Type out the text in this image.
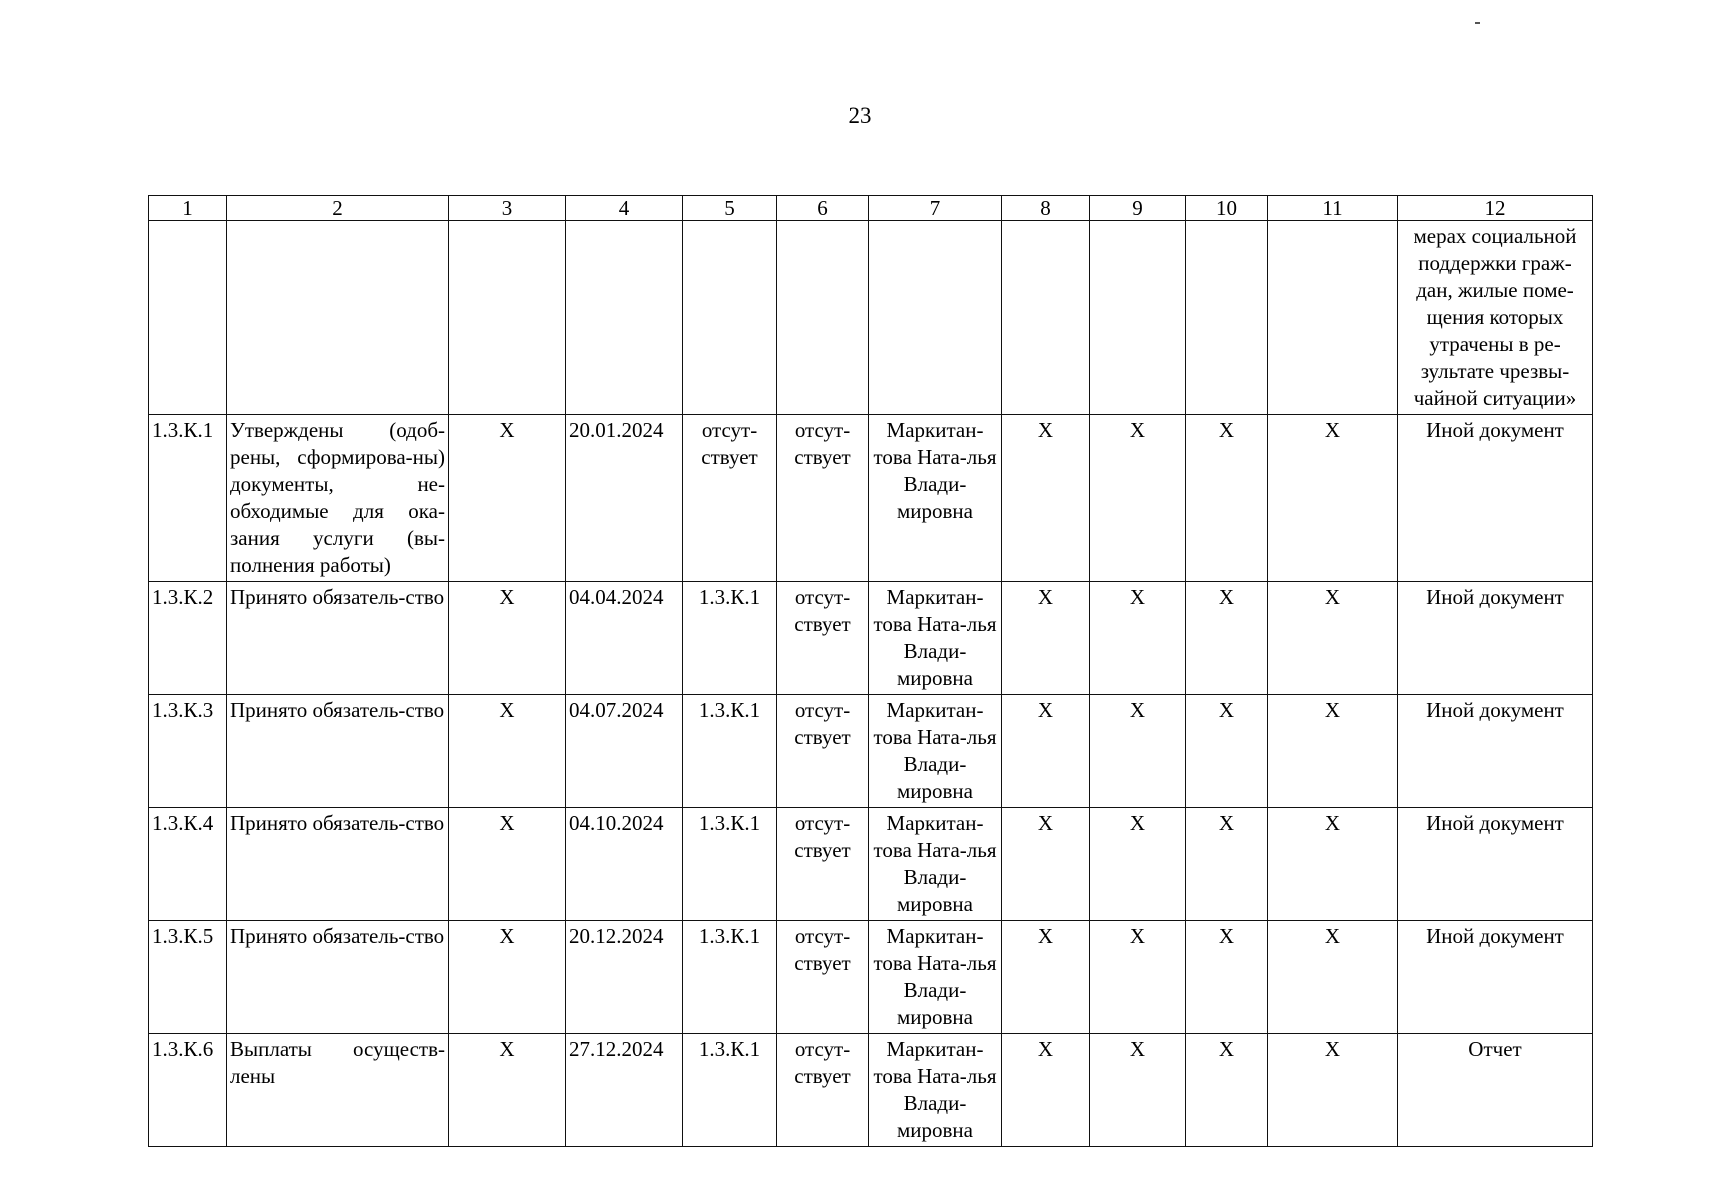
23
1	2	3	4	5	6	7	8	9	10	11	12
											мерах социальной поддержки граж-дан, жилые поме-щения которых утрачены в ре-зультате чрезвы-чайной ситуации»
1.3.К.1	Утверждены (одоб-рены, сформирова-ны) документы, не-обходимые для ока-зания услуги (вы-полнения работы)	X	20.01.2024	отсут-ствует	отсут-ствует	Маркитан-това Ната-лья Влади-мировна	X	X	X	X	Иной документ
1.3.К.2	Принято обязатель-ство	X	04.04.2024	1.3.К.1	отсут-ствует	Маркитан-това Ната-лья Влади-мировна	X	X	X	X	Иной документ
1.3.К.3	Принято обязатель-ство	X	04.07.2024	1.3.К.1	отсут-ствует	Маркитан-това Ната-лья Влади-мировна	X	X	X	X	Иной документ
1.3.К.4	Принято обязатель-ство	X	04.10.2024	1.3.К.1	отсут-ствует	Маркитан-това Ната-лья Влади-мировна	X	X	X	X	Иной документ
1.3.К.5	Принято обязатель-ство	X	20.12.2024	1.3.К.1	отсут-ствует	Маркитан-това Ната-лья Влади-мировна	X	X	X	X	Иной документ
1.3.К.6	Выплаты осуществ-лены	X	27.12.2024	1.3.К.1	отсут-ствует	Маркитан-това Ната-лья Влади-мировна	X	X	X	X	Отчет
